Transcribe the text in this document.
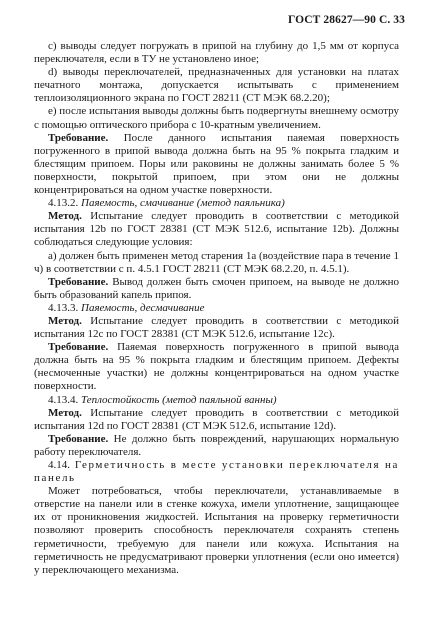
ГОСТ 28627—90 С. 33

с) выводы следует погружать в припой на глубину до 1,5 мм от корпуса переключателя, если в ТУ не установлено иное;

d) выводы переключателей, предназначенных для установки на платах печатного монтажа, допускается испытывать с применением теплоизоляционного экрана по ГОСТ 28211 (СТ МЭК 68.2.20);

е) после испытания выводы должны быть подвергнуты внешнему осмотру с помощью оптического прибора с 10-кратным увеличением.

Требование. После данного испытания паяемая поверхность погруженного в припой вывода должна быть на 95 % покрыта гладким и блестящим припоем. Поры или раковины не должны занимать более 5 % поверхности, покрытой припоем, при этом они не должны концентрироваться на одном участке поверхности.

4.13.2. Паяемость, смачивание (метод паяльника)

Метод. Испытание следует проводить в соответствии с методикой испытания 12b по ГОСТ 28381 (СТ МЭК 512.6, испытание 12b). Должны соблюдаться следующие условия:

а) должен быть применен метод старения 1а (воздействие пара в течение 1 ч) в соответствии с п. 4.5.1 ГОСТ 28211 (СТ МЭК 68.2.20, п. 4.5.1).

Требование. Вывод должен быть смочен припоем, на выводе не должно быть образований капель припоя.

4.13.3. Паяемость, десмачивание

Метод. Испытание следует проводить в соответствии с методикой испытания 12с по ГОСТ 28381 (СТ МЭК 512.6, испытание 12с).

Требование. Паяемая поверхность погруженного в припой вывода должна быть на 95 % покрыта гладким и блестящим припоем. Дефекты (несмоченные участки) не должны концентрироваться на одном участке поверхности.

4.13.4. Теплостойкость (метод паяльной ванны)

Метод. Испытание следует проводить в соответствии с методикой испытания 12d по ГОСТ 28381 (СТ МЭК 512.6, испытание 12d).

Требование. Не должно быть повреждений, нарушающих нормальную работу переключателя.

4.14. Герметичность в месте установки переключателя на панель

Может потребоваться, чтобы переключатели, устанавливаемые в отверстие на панели или в стенке кожуха, имели уплотнение, защищающее их от проникновения жидкостей. Испытания на проверку герметичности позволяют проверить способность переключателя сохранять степень герметичности, требуемую для панели или кожуха. Испытания на герметичность не предусматривают проверки уплотнения (если оно имеется) у переключающего механизма.
